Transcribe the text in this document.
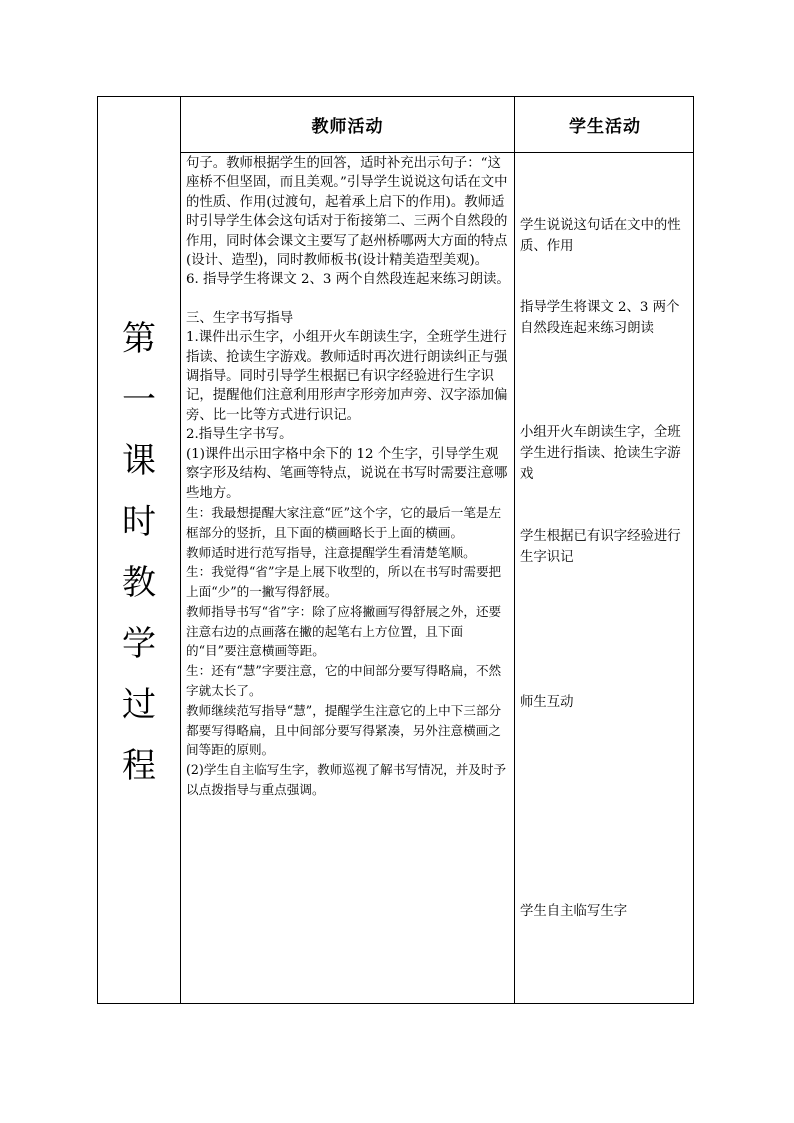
教师活动	学生活动
第
一
课
时
教
学
过
程

句子。教师根据学生的回答，适时补充出示句子：“这座桥不但坚固，而且美观。”引导学生说说这句话在文中的性质、作用(过渡句，起着承上启下的作用)。教师适时引导学生体会这句话对于衔接第二、三两个自然段的作用，同时体会课文主要写了赵州桥哪两大方面的特点(设计、造型)，同时教师板书(设计精美造型美观)。

6. 指导学生将课文 2、3 两个自然段连起来练习朗读。

三、生字书写指导

1.课件出示生字，小组开火车朗读生字，全班学生进行指读、抢读生字游戏。教师适时再次进行朗读纠正与强调指导。同时引导学生根据已有识字经验进行生字识记，提醒他们注意利用形声字形旁加声旁、汉字添加偏旁、比一比等方式进行识记。

2.指导生字书写。

(1)课件出示田字格中余下的 12 个生字，引导学生观察字形及结构、笔画等特点，说说在书写时需要注意哪些地方。

生：我最想提醒大家注意“匠”这个字，它的最后一笔是左框部分的竖折，且下面的横画略长于上面的横画。

教师适时进行范写指导，注意提醒学生看清楚笔顺。

生：我觉得“省”字是上展下收型的，所以在书写时需要把上面“少”的一撇写得舒展。

教师指导书写“省”字：除了应将撇画写得舒展之外，还要注意右边的点画落在撇的起笔右上方位置，且下面的“目”要注意横画等距。

生：还有“慧”字要注意，它的中间部分要写得略扁，不然字就太长了。

教师继续范写指导“慧”，提醒学生注意它的上中下三部分都要写得略扁，且中间部分要写得紧凑，另外注意横画之间等距的原则。

(2)学生自主临写生字，教师巡视了解书写情况，并及时予以点拨指导与重点强调。

学生说说这句话在文中的性质、作用

指导学生将课文 2、3 两个自然段连起来练习朗读

小组开火车朗读生字，全班学生进行指读、抢读生字游戏

学生根据已有识字经验进行生字识记

师生互动

学生自主临写生字
